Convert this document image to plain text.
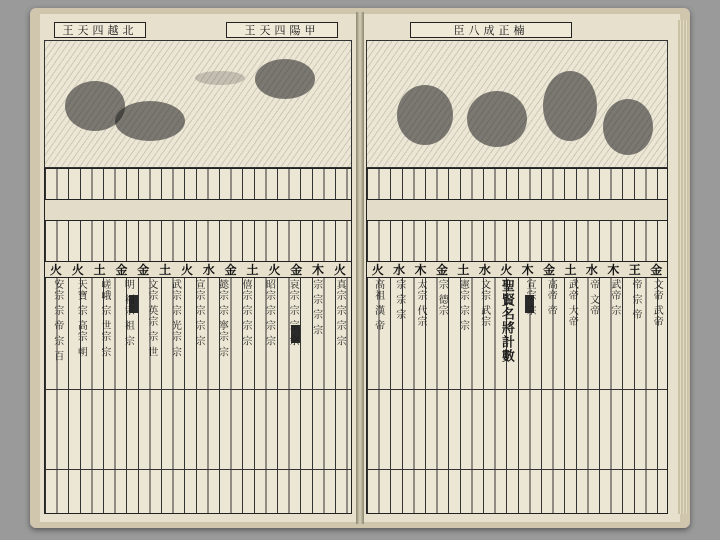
王天四越北	王天四陽甲
火 火 土 金 金 土 火 水 金 土 火 金 木 火
安宗 宗 帝 宗 百 天寶 宗 高宗 朝 嵯峨 宗 世宗 宗 明 福宗 祖 宗 文宗 英宗 宗 世 武宗 宗 光宗 宗 宣宗 宗 宗 宗 懿宗 宗 寧宗 宗 僖宗 宗 宗 宗 昭宗 宗 宗 宗 哀宗 宗 宗 宗 宗 宗 宗 宗 真宗 宗 宗 宗
臣八成正楠
火 水 木 金 土 水 火 木 金 土 水 木 王 金
高祖 漢 帝 宗 宗 宗 太宗 代宗 宗 德宗 憲宗 宗 宗 文宗 武宗 聖賢名將計數 宣宗 宗 高帝 帝 武帝 大帝 帝 文帝 武帝 宗 帝 宗 帝 文帝 武帝
